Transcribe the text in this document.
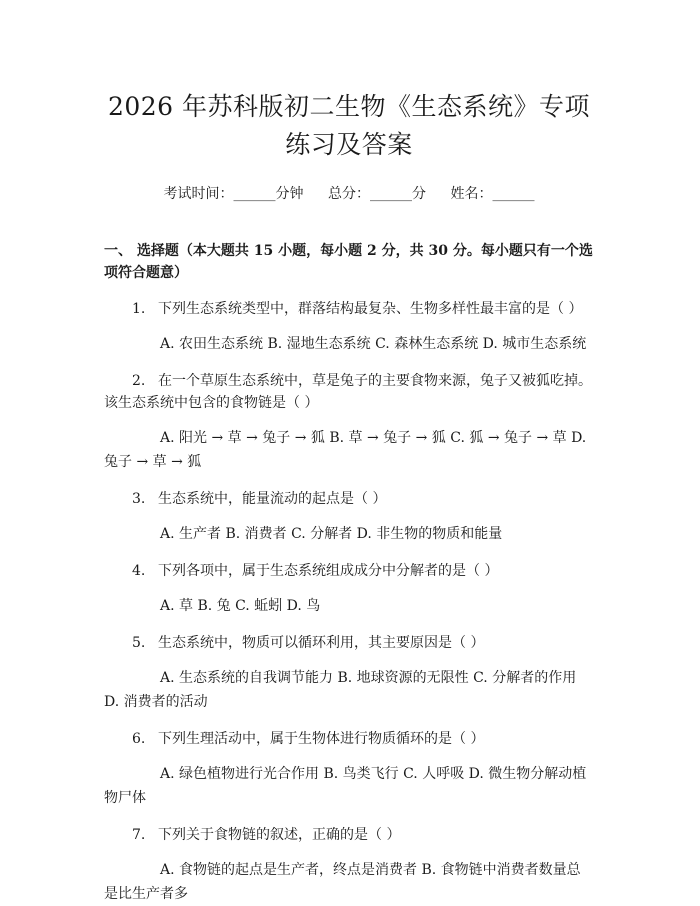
2026 年苏科版初二生物《生态系统》专项练习及答案
考试时间：______分钟 总分：______分 姓名：______
一、 选择题（本大题共 15 小题，每小题 2 分，共 30 分。每小题只有一个选项符合题意）
1. 下列生态系统类型中，群落结构最复杂、生物多样性最丰富的是（ ）
A. 农田生态系统 B. 湿地生态系统 C. 森林生态系统 D. 城市生态系统
2. 在一个草原生态系统中，草是兔子的主要食物来源，兔子又被狐吃掉。该生态系统中包含的食物链是（ ）
A. 阳光 → 草 → 兔子 → 狐 B. 草 → 兔子 → 狐 C. 狐 → 兔子 → 草 D. 兔子 → 草 → 狐
3. 生态系统中，能量流动的起点是（ ）
A. 生产者 B. 消费者 C. 分解者 D. 非生物的物质和能量
4. 下列各项中，属于生态系统组成成分中分解者的是（ ）
A. 草 B. 兔 C. 蚯蚓 D. 鸟
5. 生态系统中，物质可以循环利用，其主要原因是（ ）
A. 生态系统的自我调节能力 B. 地球资源的无限性 C. 分解者的作用 D. 消费者的活动
6. 下列生理活动中，属于生物体进行物质循环的是（ ）
A. 绿色植物进行光合作用 B. 鸟类飞行 C. 人呼吸 D. 微生物分解动植物尸体
7. 下列关于食物链的叙述，正确的是（ ）
A. 食物链的起点是生产者，终点是消费者 B. 食物链中消费者数量总是比生产者多
